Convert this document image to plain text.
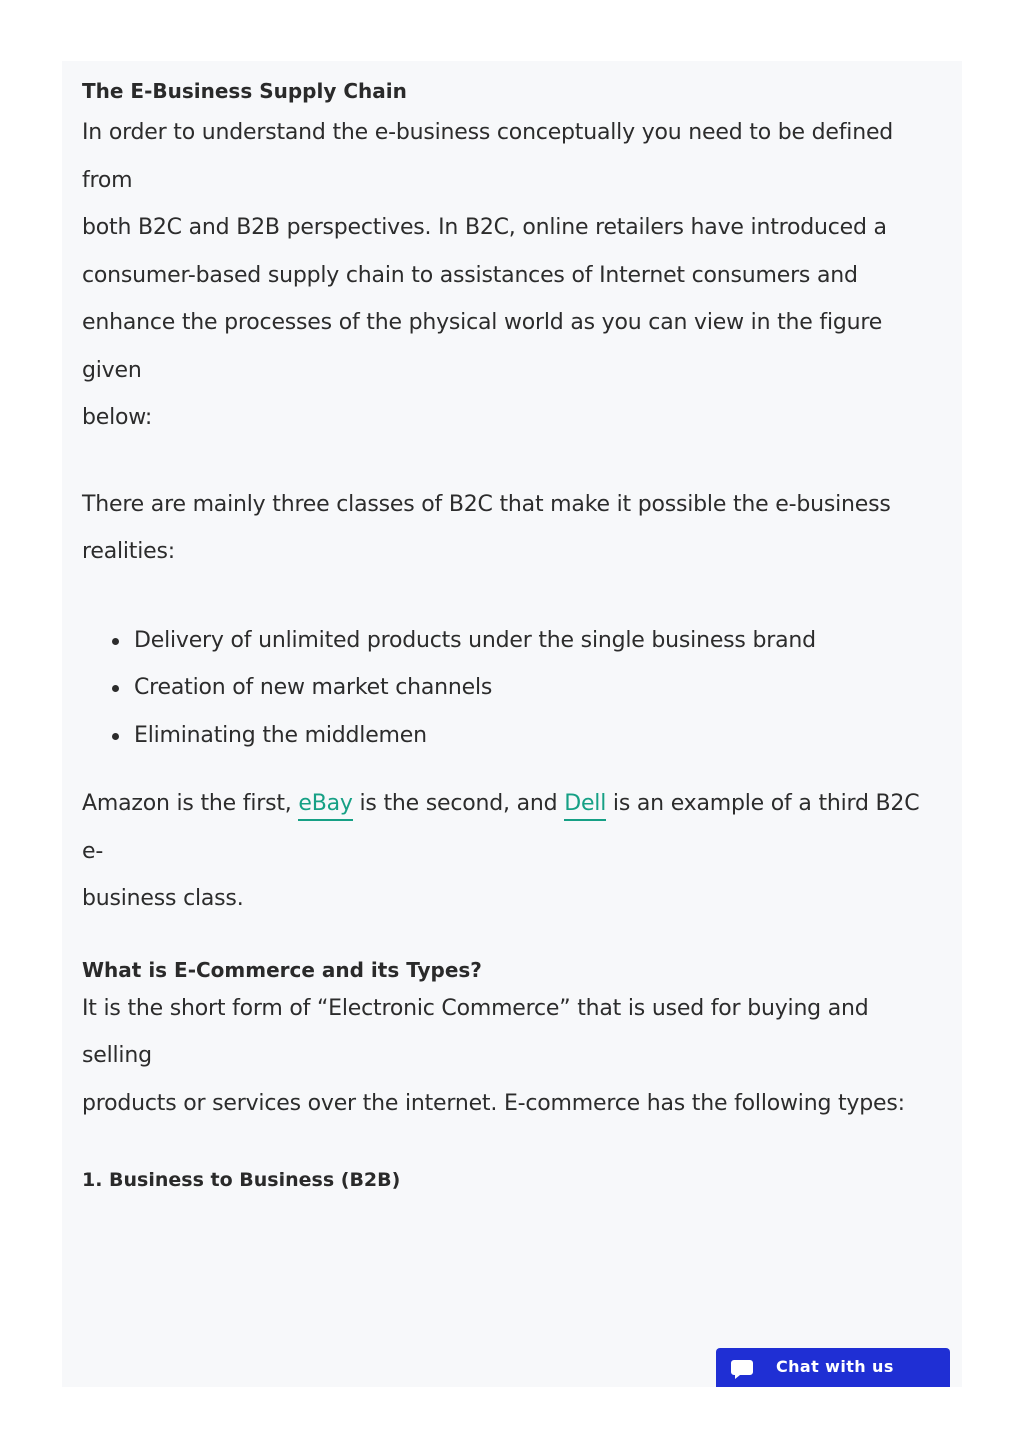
The E-Business Supply Chain

In order to understand the e-business conceptually you need to be defined from

both B2C and B2B perspectives. In B2C, online retailers have introduced a

consumer-based supply chain to assistances of Internet consumers and

enhance the processes of the physical world as you can view in the figure given

below:

There are mainly three classes of B2C that make it possible the e-business

realities:

Delivery of unlimited products under the single business brand
Creation of new market channels
Eliminating the middlemen

Amazon is the first, eBay is the second, and Dell is an example of a third B2C e-

business class.

What is E-Commerce and its Types?

It is the short form of “Electronic Commerce” that is used for buying and selling

products or services over the internet. E-commerce has the following types:

1. Business to Business (B2B)
Chat with us
